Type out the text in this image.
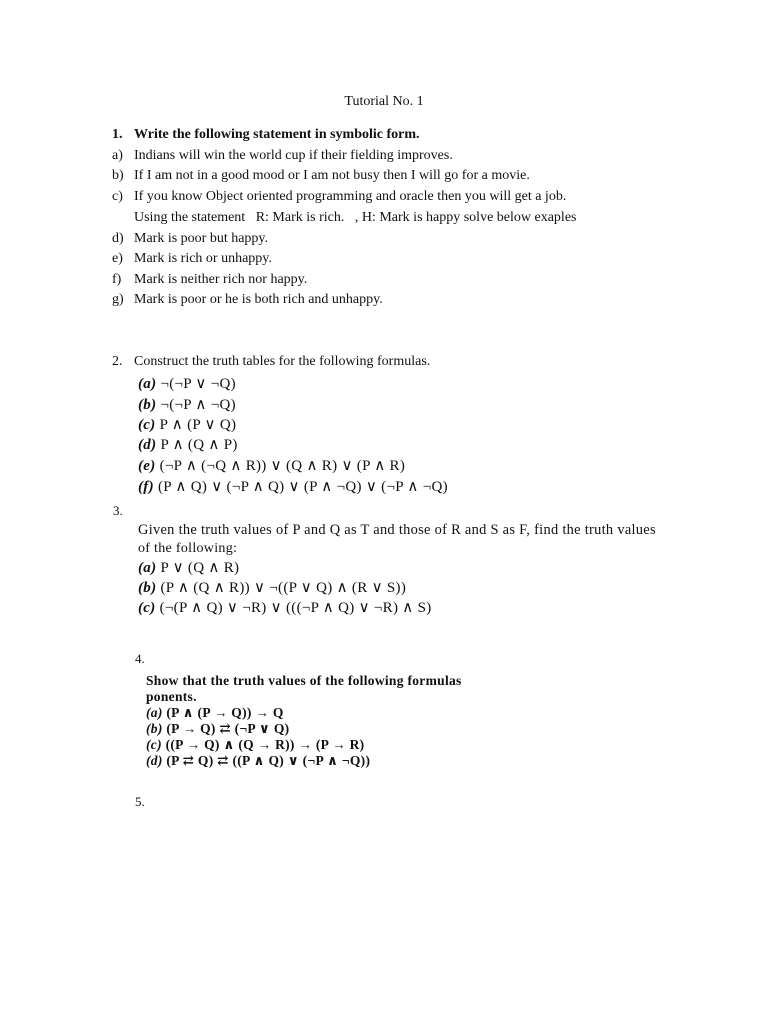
Tutorial No. 1
1. Write the following statement in symbolic form.
a) Indians will win the world cup if their fielding improves.
b) If I am not in a good mood or I am not busy then I will go for a movie.
c) If you know Object oriented programming and oracle then you will get a job.
Using the statement   R: Mark is rich.   , H: Mark is happy solve below exaples
d) Mark is poor but happy.
e) Mark is rich or unhappy.
f) Mark is neither rich nor happy.
g) Mark is poor or he is both rich and unhappy.
2. Construct the truth tables for the following formulas.
(a) ¬(¬P ∨ ¬Q)
(b) ¬(¬P ∧ ¬Q)
(c) P ∧ (P ∨ Q)
(d) P ∧ (Q ∧ P)
(e) (¬P ∧ (¬Q ∧ R)) ∨ (Q ∧ R) ∨ (P ∧ R)
(f) (P ∧ Q) ∨ (¬P ∧ Q) ∨ (P ∧ ¬Q) ∨ (¬P ∧ ¬Q)
3.
Given the truth values of P and Q as T and those of R and S as F, find the truth values
of the following:
(a) P ∨ (Q ∧ R)
(b) (P ∧ (Q ∧ R)) ∨ ¬((P ∨ Q) ∧ (R ∨ S))
(c) (¬(P ∧ Q) ∨ ¬R) ∨ (((¬P ∧ Q) ∨ ¬R) ∧ S)
4.
Show that the truth values of the following formulas
ponents.
(a) (P ∧ (P → Q)) → Q
(b) (P → Q) ⇄ (¬P ∨ Q)
(c) ((P → Q) ∧ (Q → R)) → (P → R)
(d) (P ⇄ Q) ⇄ ((P ∧ Q) ∨ (¬P ∧ ¬Q))
5.
